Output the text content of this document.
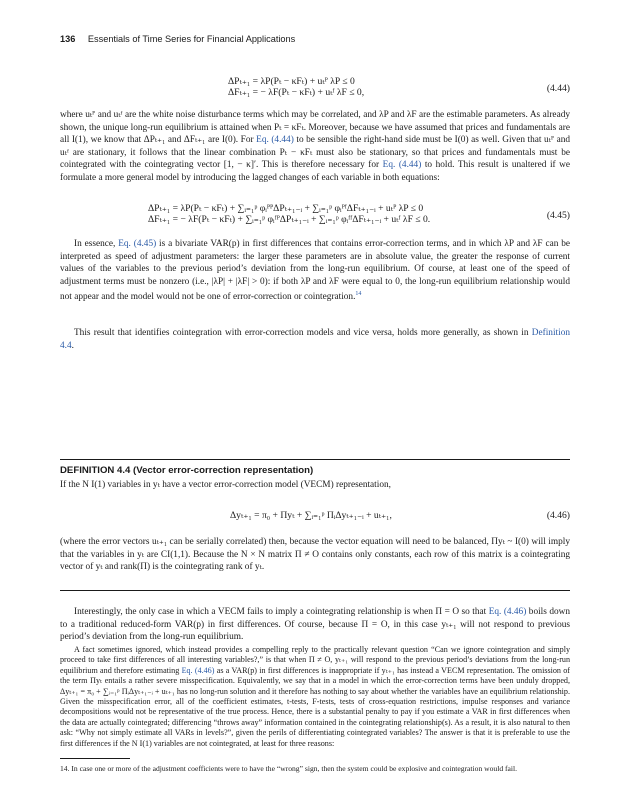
136 Essentials of Time Series for Financial Applications
ΔPₜ₊₁ = λP(Pₜ − κFₜ) + uₜᴾ λP ≤ 0
ΔFₜ₊₁ = − λF(Pₜ − κFₜ) + uₜᶠ λF ≤ 0,	(4.44)

where uₜᴾ and uₜᶠ are the white noise disturbance terms which may be correlated, and λP and λF are the estimable parameters. As already shown, the unique long-run equilibrium is attained when Pₜ = κFₜ. Moreover, because we have assumed that prices and fundamentals are all I(1), we know that ΔPₜ₊₁ and ΔFₜ₊₁ are I(0). For Eq. (4.44) to be sensible the right-hand side must be I(0) as well. Given that uₜᴾ and uₜᶠ are stationary, it follows that the linear combination Pₜ − κFₜ must also be stationary, so that prices and fundamentals must be cointegrated with the cointegrating vector [1, − κ]′. This is therefore necessary for Eq. (4.44) to hold. This result is unaltered if we formulate a more general model by introducing the lagged changes of each variable in both equations:

ΔPₜ₊₁ = λP(Pₜ − κFₜ) + ∑ᵢ₌₁ᵖ φᵢᴾᴾΔPₜ₊₁₋ᵢ + ∑ᵢ₌₁ᵖ φᵢᴾᶠΔFₜ₊₁₋ᵢ + uₜᴾ λP ≤ 0
ΔFₜ₊₁ = − λF(Pₜ − κFₜ) + ∑ᵢ₌₁ᵖ φᵢᶠᴾΔPₜ₊₁₋ᵢ + ∑ᵢ₌₁ᵖ φᵢᶠᶠΔFₜ₊₁₋ᵢ + uₜᶠ λF ≤ 0.	(4.45)

In essence, Eq. (4.45) is a bivariate VAR(p) in first differences that contains error-correction terms, and in which λP and λF can be interpreted as speed of adjustment parameters: the larger these parameters are in absolute value, the greater the response of current values of the variables to the previous period’s deviation from the long-run equilibrium. Of course, at least one of the speed of adjustment terms must be nonzero (i.e., |λP| + |λF| > 0): if both λP and λF were equal to 0, the long-run equilibrium relationship would not appear and the model would not be one of error-correction or cointegration.$^{14}$

This result that identifies cointegration with error-correction models and vice versa, holds more generally, as shown in Definition 4.4.

DEFINITION 4.4 (Vector error-correction representation)

If the N I(1) variables in yₜ have a vector error-correction model (VECM) representation,

Δyₜ₊₁ = π₀ + Πyₜ + ∑ᵢ₌₁ᵖ ΠᵢΔyₜ₊₁₋ᵢ + uₜ₊₁,	(4.46)

(where the error vectors uₜ₊₁ can be serially correlated) then, because the vector equation will need to be balanced, Πyₜ ~ I(0) will imply that the variables in yₜ are CI(1,1). Because the N × N matrix Π ≠ O contains only constants, each row of this matrix is a cointegrating vector of yₜ and rank(Π) is the cointegrating rank of yₜ.

Interestingly, the only case in which a VECM fails to imply a cointegrating relationship is when Π = O so that Eq. (4.46) boils down to a traditional reduced-form VAR(p) in first differences. Of course, because Π = O, in this case yₜ₊₁ will not respond to previous period’s deviation from the long-run equilibrium.

A fact sometimes ignored, which instead provides a compelling reply to the practically relevant question “Can we ignore cointegration and simply proceed to take first differences of all interesting variables?,” is that when Π ≠ O, yₜ₊₁ will respond to the previous period’s deviations from the long-run equilibrium and therefore estimating Eq. (4.46) as a VAR(p) in first differences is inappropriate if yₜ₊₁ has instead a VECM representation. The omission of the term Πyₜ entails a rather severe misspecification. Equivalently, we say that in a model in which the error-correction terms have been unduly dropped, Δyₜ₊₁ = π₀ + ∑ᵢ₌₁ᵖ ΠᵢΔyₜ₊₁₋ᵢ + uₜ₊₁ has no long-run solution and it therefore has nothing to say about whether the variables have an equilibrium relationship. Given the misspecification error, all of the coefficient estimates, t-tests, F-tests, tests of cross-equation restrictions, impulse responses and variance decompositions would not be representative of the true process. Hence, there is a substantial penalty to pay if you estimate a VAR in first differences when the data are actually cointegrated; differencing “throws away” information contained in the cointegrating relationship(s). As a result, it is also natural to then ask: “Why not simply estimate all VARs in levels?”, given the perils of differentiating cointegrated variables? The answer is that it is preferable to use the first differences if the N I(1) variables are not cointegrated, at least for three reasons:

14. In case one or more of the adjustment coefficients were to have the “wrong” sign, then the system could be explosive and cointegration would fail.
